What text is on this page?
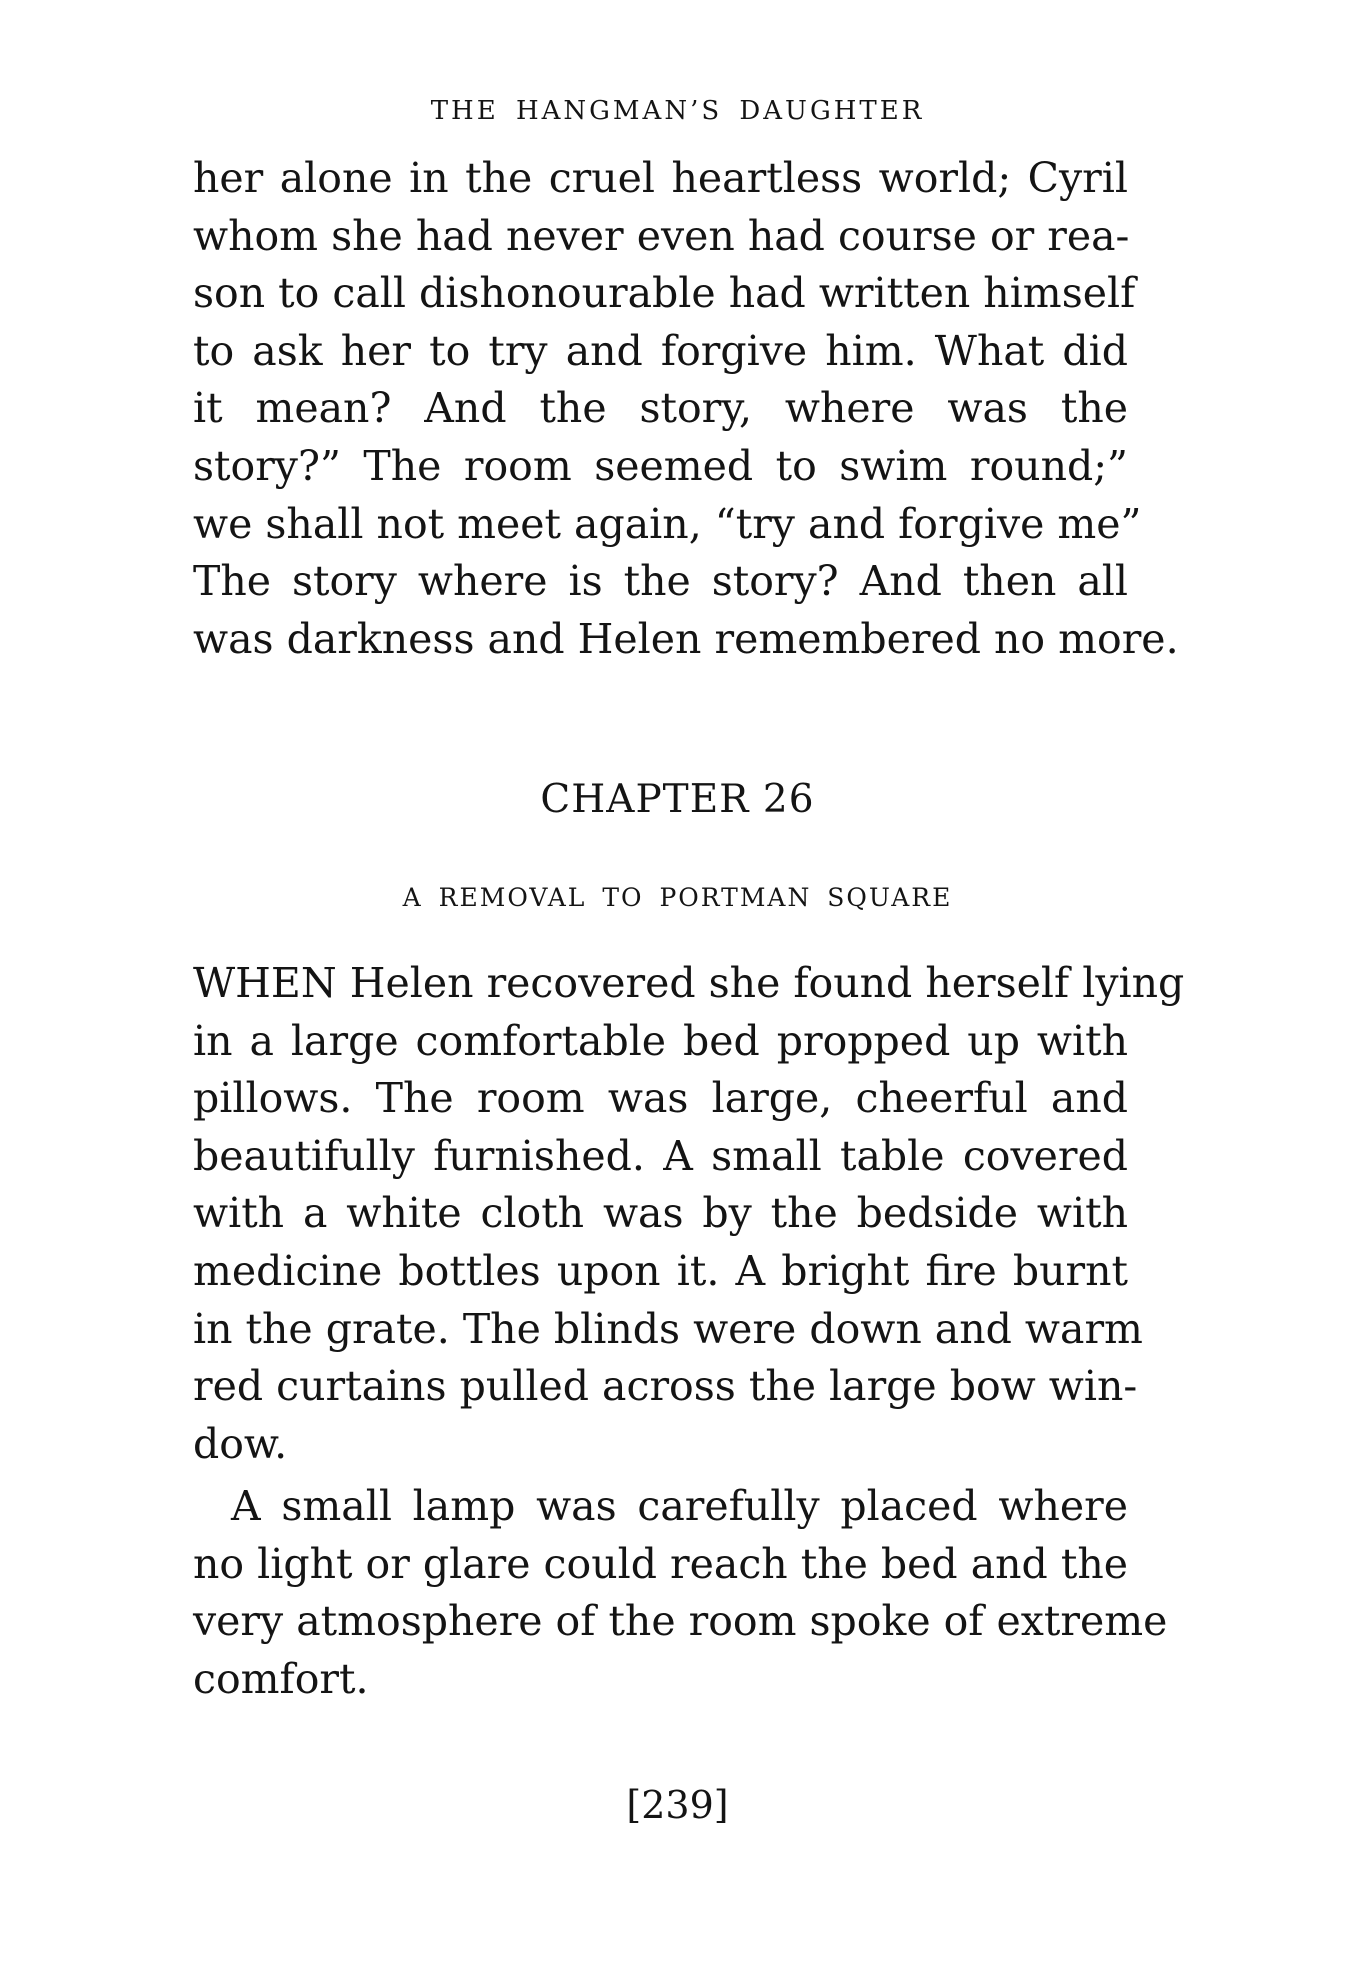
THE HANGMAN’S DAUGHTER
her alone in the cruel heartless world; Cyril
whom she had never even had course or rea-
son to call dishonourable had written himself
to ask her to try and forgive him. What did
it mean? And the story, where was the
story?” The room seemed to swim round;”
we shall not meet again, “try and forgive me”
The story where is the story? And then all
was darkness and Helen remembered no more.
CHAPTER 26
A REMOVAL TO PORTMAN SQUARE
WHEN Helen recovered she found herself lying
in a large comfortable bed propped up with
pillows. The room was large, cheerful and
beautifully furnished. A small table covered
with a white cloth was by the bedside with
medicine bottles upon it. A bright fire burnt
in the grate. The blinds were down and warm
red curtains pulled across the large bow win-
dow.
A small lamp was carefully placed where
no light or glare could reach the bed and the
very atmosphere of the room spoke of extreme
comfort.
[239]
